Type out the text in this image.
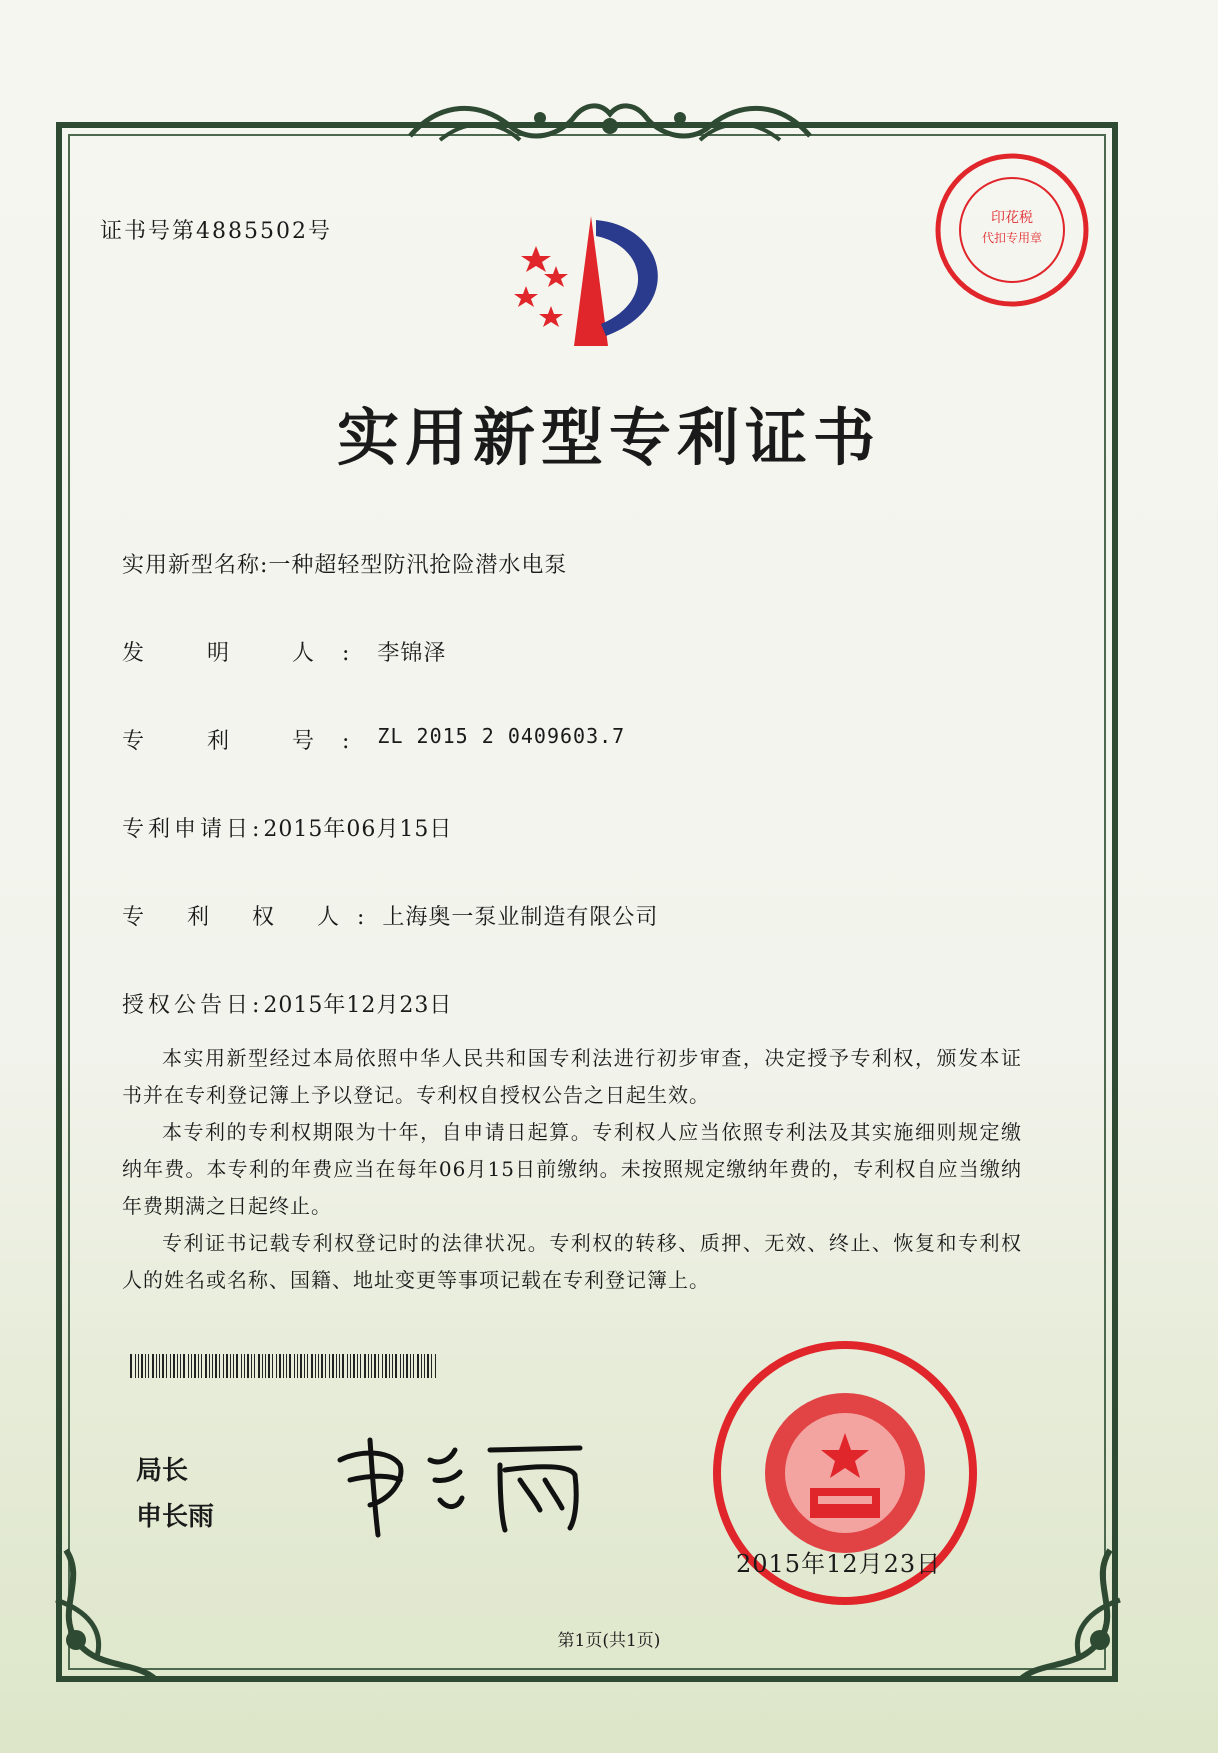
证书号第4885502号
实用新型专利证书
实用新型名称: 一种超轻型防汛抢险潜水电泵
发 明 人: 李锦泽
专 利 号: ZL 2015 2 0409603.7
专利申请日: 2015年06月15日
专 利 权 人: 上海奥一泵业制造有限公司
授权公告日: 2015年12月23日

本实用新型经过本局依照中华人民共和国专利法进行初步审查，决定授予专利权，颁发本证书并在专利登记簿上予以登记。专利权自授权公告之日起生效。

本专利的专利权期限为十年，自申请日起算。专利权人应当依照专利法及其实施细则规定缴纳年费。本专利的年费应当在每年06月15日前缴纳。未按照规定缴纳年费的，专利权自应当缴纳年费期满之日起终止。

专利证书记载专利权登记时的法律状况。专利权的转移、质押、无效、终止、恢复和专利权人的姓名或名称、国籍、地址变更等事项记载在专利登记簿上。

局长
申长雨
印花税
代扣专用章
2015年12月23日
第1页(共1页)
